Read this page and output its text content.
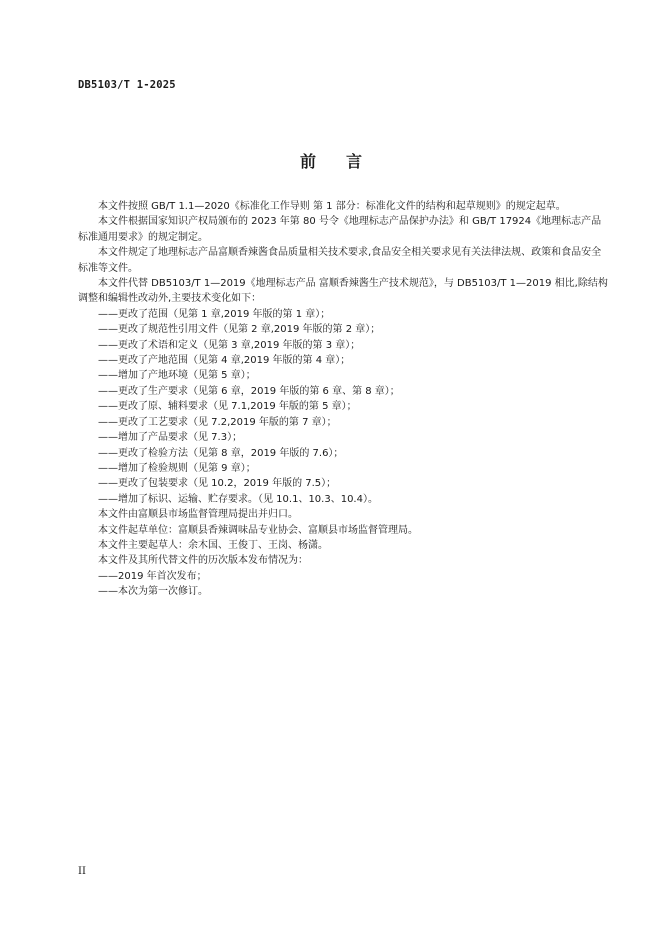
DB5103/T 1-2025
前言

本文件按照 GB/T 1.1—2020《标准化工作导则 第 1 部分：标准化文件的结构和起草规则》的规定起草。

本文件根据国家知识产权局颁布的 2023 年第 80 号令《地理标志产品保护办法》和 GB/T 17924《地理标志产品标准通用要求》的规定制定。

本文件规定了地理标志产品富顺香辣酱食品质量相关技术要求,食品安全相关要求见有关法律法规、政策和食品安全标准等文件。

本文件代替 DB5103/T 1—2019《地理标志产品 富顺香辣酱生产技术规范》，与 DB5103/T 1—2019 相比,除结构调整和编辑性改动外,主要技术变化如下：

——更改了范围（见第 1 章,2019 年版的第 1 章）；

——更改了规范性引用文件（见第 2 章,2019 年版的第 2 章）；

——更改了术语和定义（见第 3 章,2019 年版的第 3 章）；

——更改了产地范围（见第 4 章,2019 年版的第 4 章）；

——增加了产地环境（见第 5 章）；

——更改了生产要求（见第 6 章，2019 年版的第 6 章、第 8 章）；

——更改了原、辅料要求（见 7.1,2019 年版的第 5 章）；

——更改了工艺要求（见 7.2,2019 年版的第 7 章）；

——增加了产品要求（见 7.3）；

——更改了检验方法（见第 8 章，2019 年版的 7.6）；

——增加了检验规则（见第 9 章）；

——更改了包装要求（见 10.2，2019 年版的 7.5）；

——增加了标识、运输、贮存要求。（见 10.1、10.3、10.4）。

本文件由富顺县市场监督管理局提出并归口。

本文件起草单位：富顺县香辣调味品专业协会、富顺县市场监督管理局。

本文件主要起草人：余木国、王俊丁、王岗、杨潇。

本文件及其所代替文件的历次版本发布情况为：

——2019 年首次发布；

——本次为第一次修订。

II
